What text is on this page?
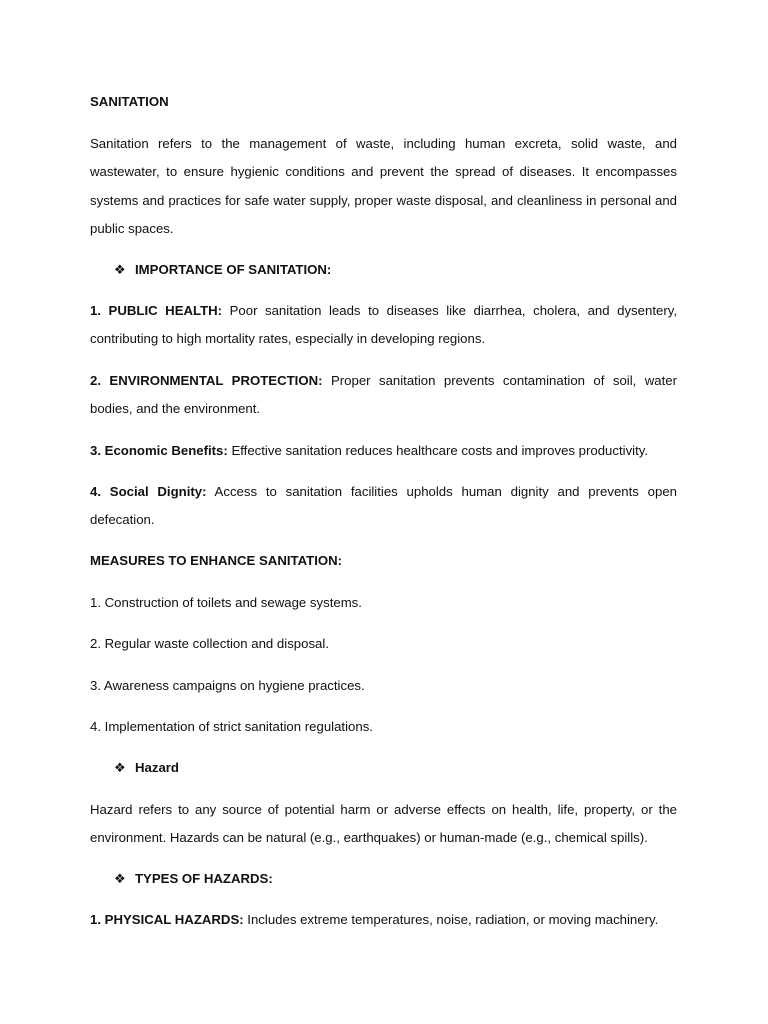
SANITATION

Sanitation refers to the management of waste, including human excreta, solid waste, and wastewater, to ensure hygienic conditions and prevent the spread of diseases. It encompasses systems and practices for safe water supply, proper waste disposal, and cleanliness in personal and public spaces.

❖ IMPORTANCE OF SANITATION:

1. PUBLIC HEALTH: Poor sanitation leads to diseases like diarrhea, cholera, and dysentery, contributing to high mortality rates, especially in developing regions.

2. ENVIRONMENTAL PROTECTION: Proper sanitation prevents contamination of soil, water bodies, and the environment.

3. Economic Benefits: Effective sanitation reduces healthcare costs and improves productivity.

4. Social Dignity: Access to sanitation facilities upholds human dignity and prevents open defecation.

MEASURES TO ENHANCE SANITATION:

1. Construction of toilets and sewage systems.

2. Regular waste collection and disposal.

3. Awareness campaigns on hygiene practices.

4. Implementation of strict sanitation regulations.

❖ Hazard

Hazard refers to any source of potential harm or adverse effects on health, life, property, or the environment. Hazards can be natural (e.g., earthquakes) or human-made (e.g., chemical spills).

❖ TYPES OF HAZARDS:

1. PHYSICAL HAZARDS: Includes extreme temperatures, noise, radiation, or moving machinery.
